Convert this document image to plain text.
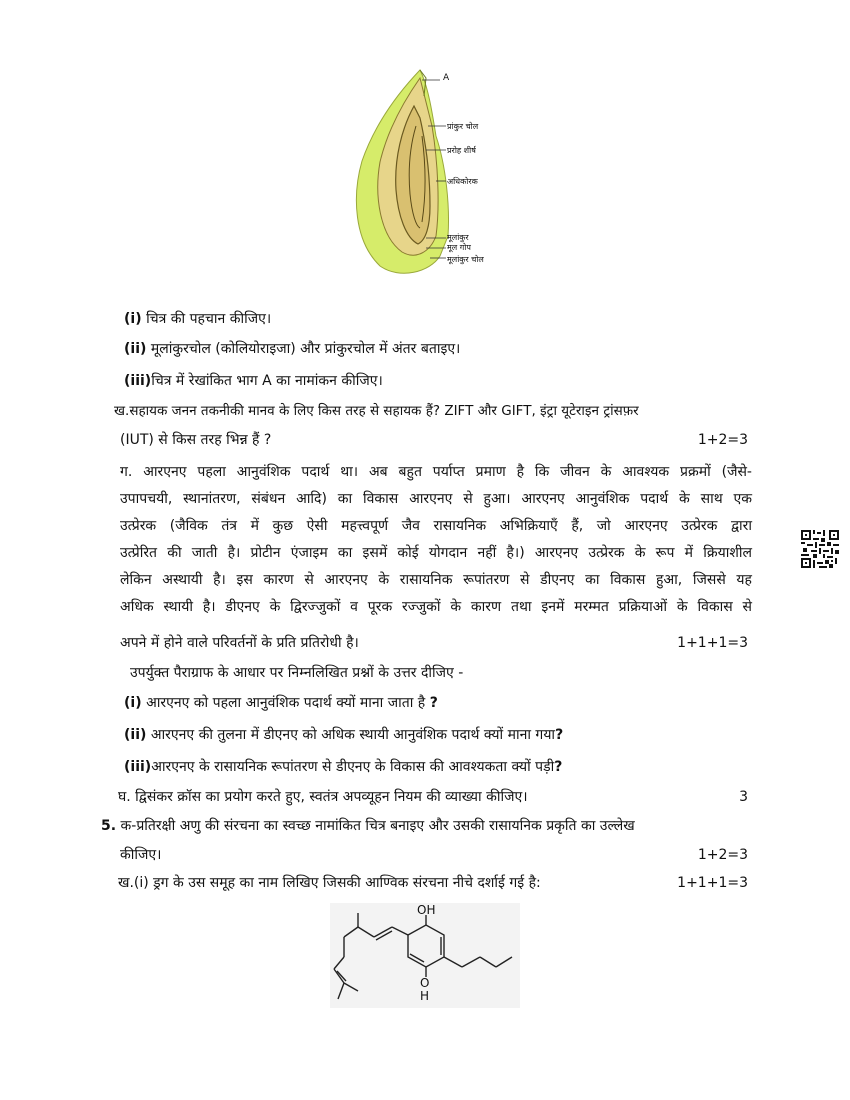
A
प्रांकुर चोल
प्ररोह शीर्ष
अधिकोरक
मूलांकुर
मूल गोप
मूलांकुर चोल
(i) चित्र की पहचान कीजिए।
(ii) मूलांकुरचोल (कोलियोराइजा) और प्रांकुरचोल में अंतर बताइए।
(iii)चित्र में रेखांकित भाग A का नामांकन कीजिए।
ख.सहायक जनन तकनीकी मानव के लिए किस तरह से सहायक हैं? ZIFT और GIFT, इंट्रा यूटेराइन ट्रांसफ़र
(IUT) से किस तरह भिन्न हैं ?	1+2=3
ग. आरएनए पहला आनुवंशिक पदार्थ था। अब बहुत पर्याप्त प्रमाण है कि जीवन के आवश्यक प्रक्रमों (जैसे-
उपापचयी, स्थानांतरण, संबंधन आदि) का विकास आरएनए से हुआ। आरएनए आनुवंशिक पदार्थ के साथ एक
उत्प्रेरक (जैविक तंत्र में कुछ ऐसी महत्त्वपूर्ण जैव रासायनिक अभिक्रियाएँ हैं, जो आरएनए उत्प्रेरक द्वारा
उत्प्रेरित की जाती है। प्रोटीन एंजाइम का इसमें कोई योगदान नहीं है।) आरएनए उत्प्रेरक के रूप में क्रियाशील
लेकिन अस्थायी है। इस कारण से आरएनए के रासायनिक रूपांतरण से डीएनए का विकास हुआ, जिससे यह
अधिक स्थायी है। डीएनए के द्विरज्जुकों व पूरक रज्जुकों के कारण तथा इनमें मरम्मत प्रक्रियाओं के विकास से
अपने में होने वाले परिवर्तनों के प्रति प्रतिरोधी है।	1+1+1=3
उपर्युक्त पैराग्राफ के आधार पर निम्नलिखित प्रश्नों के उत्तर दीजिए -
(i) आरएनए को पहला आनुवंशिक पदार्थ क्यों माना जाता है ?
(ii) आरएनए की तुलना में डीएनए को अधिक स्थायी आनुवंशिक पदार्थ क्यों माना गया?
(iii)आरएनए के रासायनिक रूपांतरण से डीएनए के विकास की आवश्यकता क्यों पड़ी?
घ. द्विसंकर क्रॉस का प्रयोग करते हुए, स्वतंत्र अपव्यूहन नियम की व्याख्या कीजिए।	3
5. क-प्रतिरक्षी अणु की संरचना का स्वच्छ नामांकित चित्र बनाइए और उसकी रासायनिक प्रकृति का उल्लेख
कीजिए।	1+2=3
ख.(i) ड्रग के उस समूह का नाम लिखिए जिसकी आण्विक संरचना नीचे दर्शाई गई है:	1+1+1=3
OH
O
H
